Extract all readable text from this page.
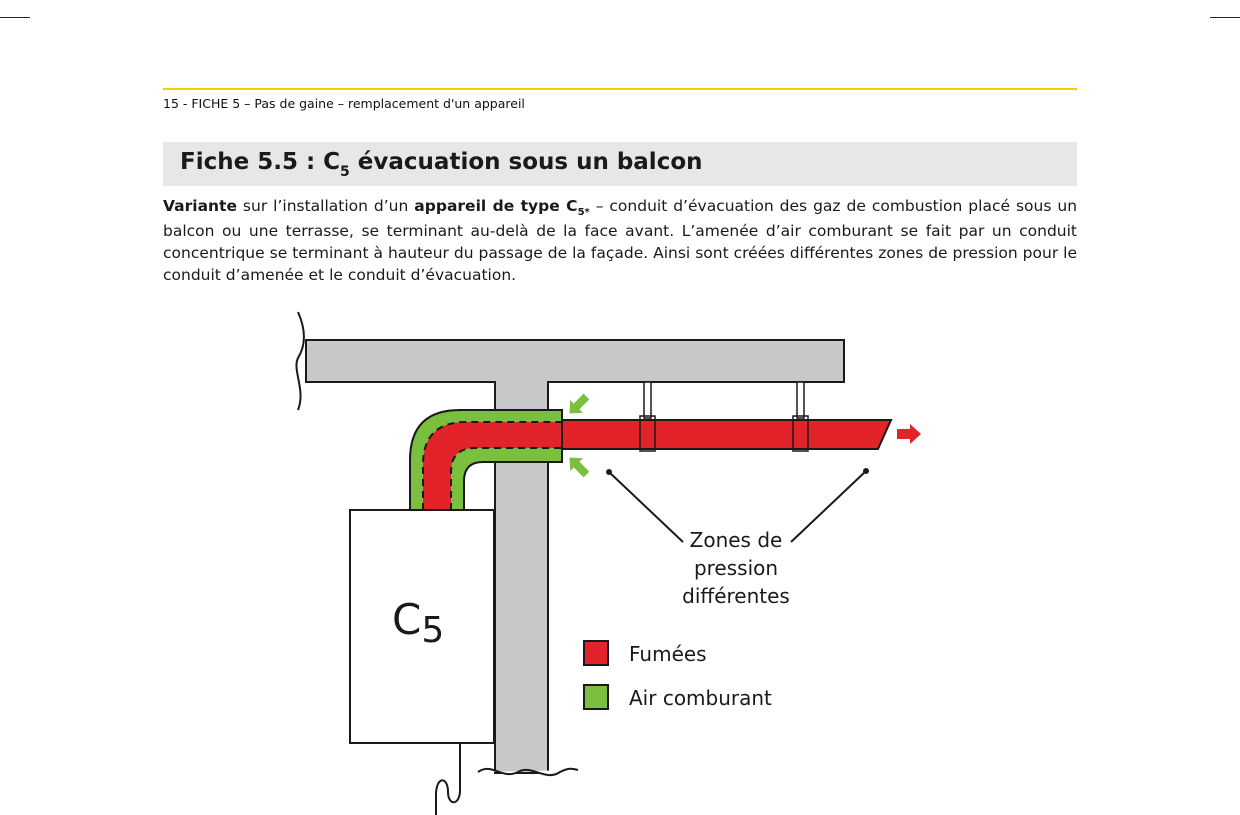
15 - FICHE 5 – Pas de gaine – remplacement d'un appareil
Fiche 5.5 : $C_5$ évacuation sous un balcon
Variante sur l’installation d’un appareil de type $C_{5*}$ – conduit d’évacuation des gaz de combustion placé sous un balcon ou une terrasse, se terminant au-delà de la face avant. L’amenée d’air comburant se fait par un conduit concentrique se terminant à hauteur du passage de la façade. Ainsi sont créées différentes zones de pression pour le conduit d’amenée et le conduit d’évacuation.
Zones de
pression
différentes
C5
Fumées
Air comburant
